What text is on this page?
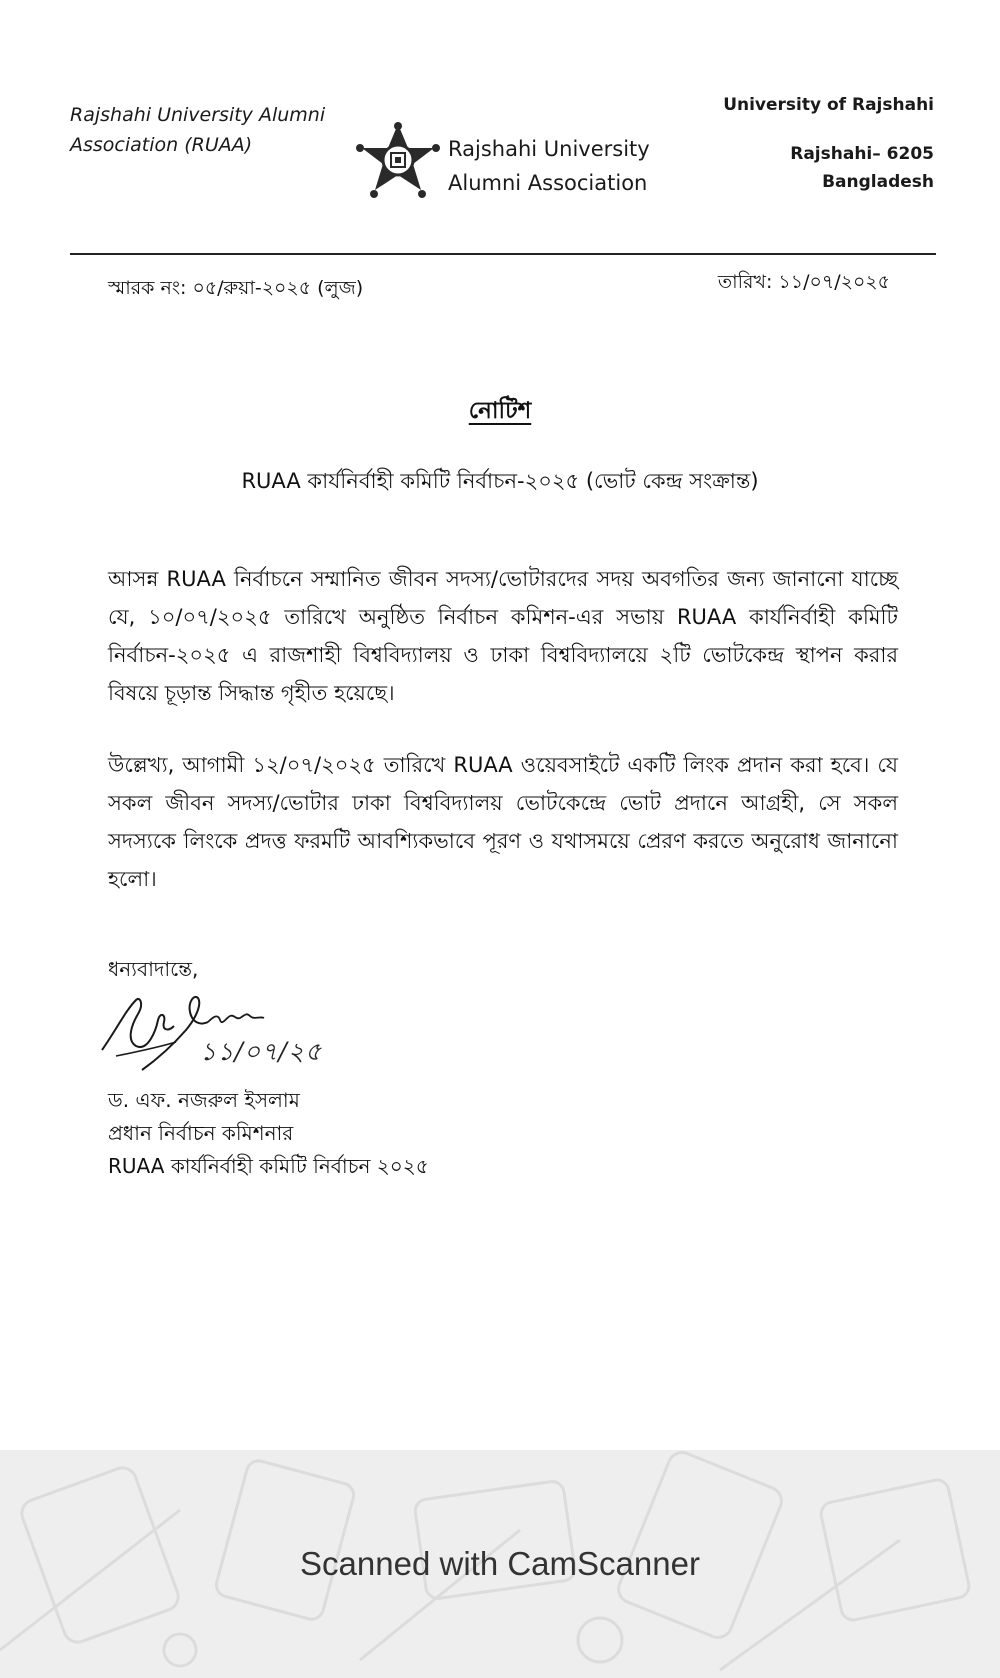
Rajshahi University Alumni
Association (RUAA)	Rajshahi University
Alumni Association
University of Rajshahi
Rajshahi– 6205
Bangladesh
স্মারক নং: ০৫/রুয়া-২০২৫ (লুজ)	তারিখ: ১১/০৭/২০২৫
নোটিশ
RUAA কার্যনির্বাহী কমিটি নির্বাচন-২০২৫ (ভোট কেন্দ্র সংক্রান্ত)

আসন্ন RUAA নির্বাচনে সম্মানিত জীবন সদস্য/ভোটারদের সদয় অবগতির জন্য জানানো যাচ্ছে যে, ১০/০৭/২০২৫ তারিখে অনুষ্ঠিত নির্বাচন কমিশন-এর সভায় RUAA কার্যনির্বাহী কমিটি নির্বাচন-২০২৫ এ রাজশাহী বিশ্ববিদ্যালয় ও ঢাকা বিশ্ববিদ্যালয়ে ২টি ভোটকেন্দ্র স্থাপন করার বিষয়ে চূড়ান্ত সিদ্ধান্ত গৃহীত হয়েছে।

উল্লেখ্য, আগামী ১২/০৭/২০২৫ তারিখে RUAA ওয়েবসাইটে একটি লিংক প্রদান করা হবে। যে সকল জীবন সদস্য/ভোটার ঢাকা বিশ্ববিদ্যালয় ভোটকেন্দ্রে ভোট প্রদানে আগ্রহী, সে সকল সদস্যকে লিংকে প্রদত্ত ফরমটি আবশ্যিকভাবে পূরণ ও যথাসময়ে প্রেরণ করতে অনুরোধ জানানো হলো।

ধন্যবাদান্তে,
১১/০৭/২৫
ড. এফ. নজরুল ইসলাম
প্রধান নির্বাচন কমিশনার
RUAA কার্যনির্বাহী কমিটি নির্বাচন ২০২৫
Scanned with CamScanner
